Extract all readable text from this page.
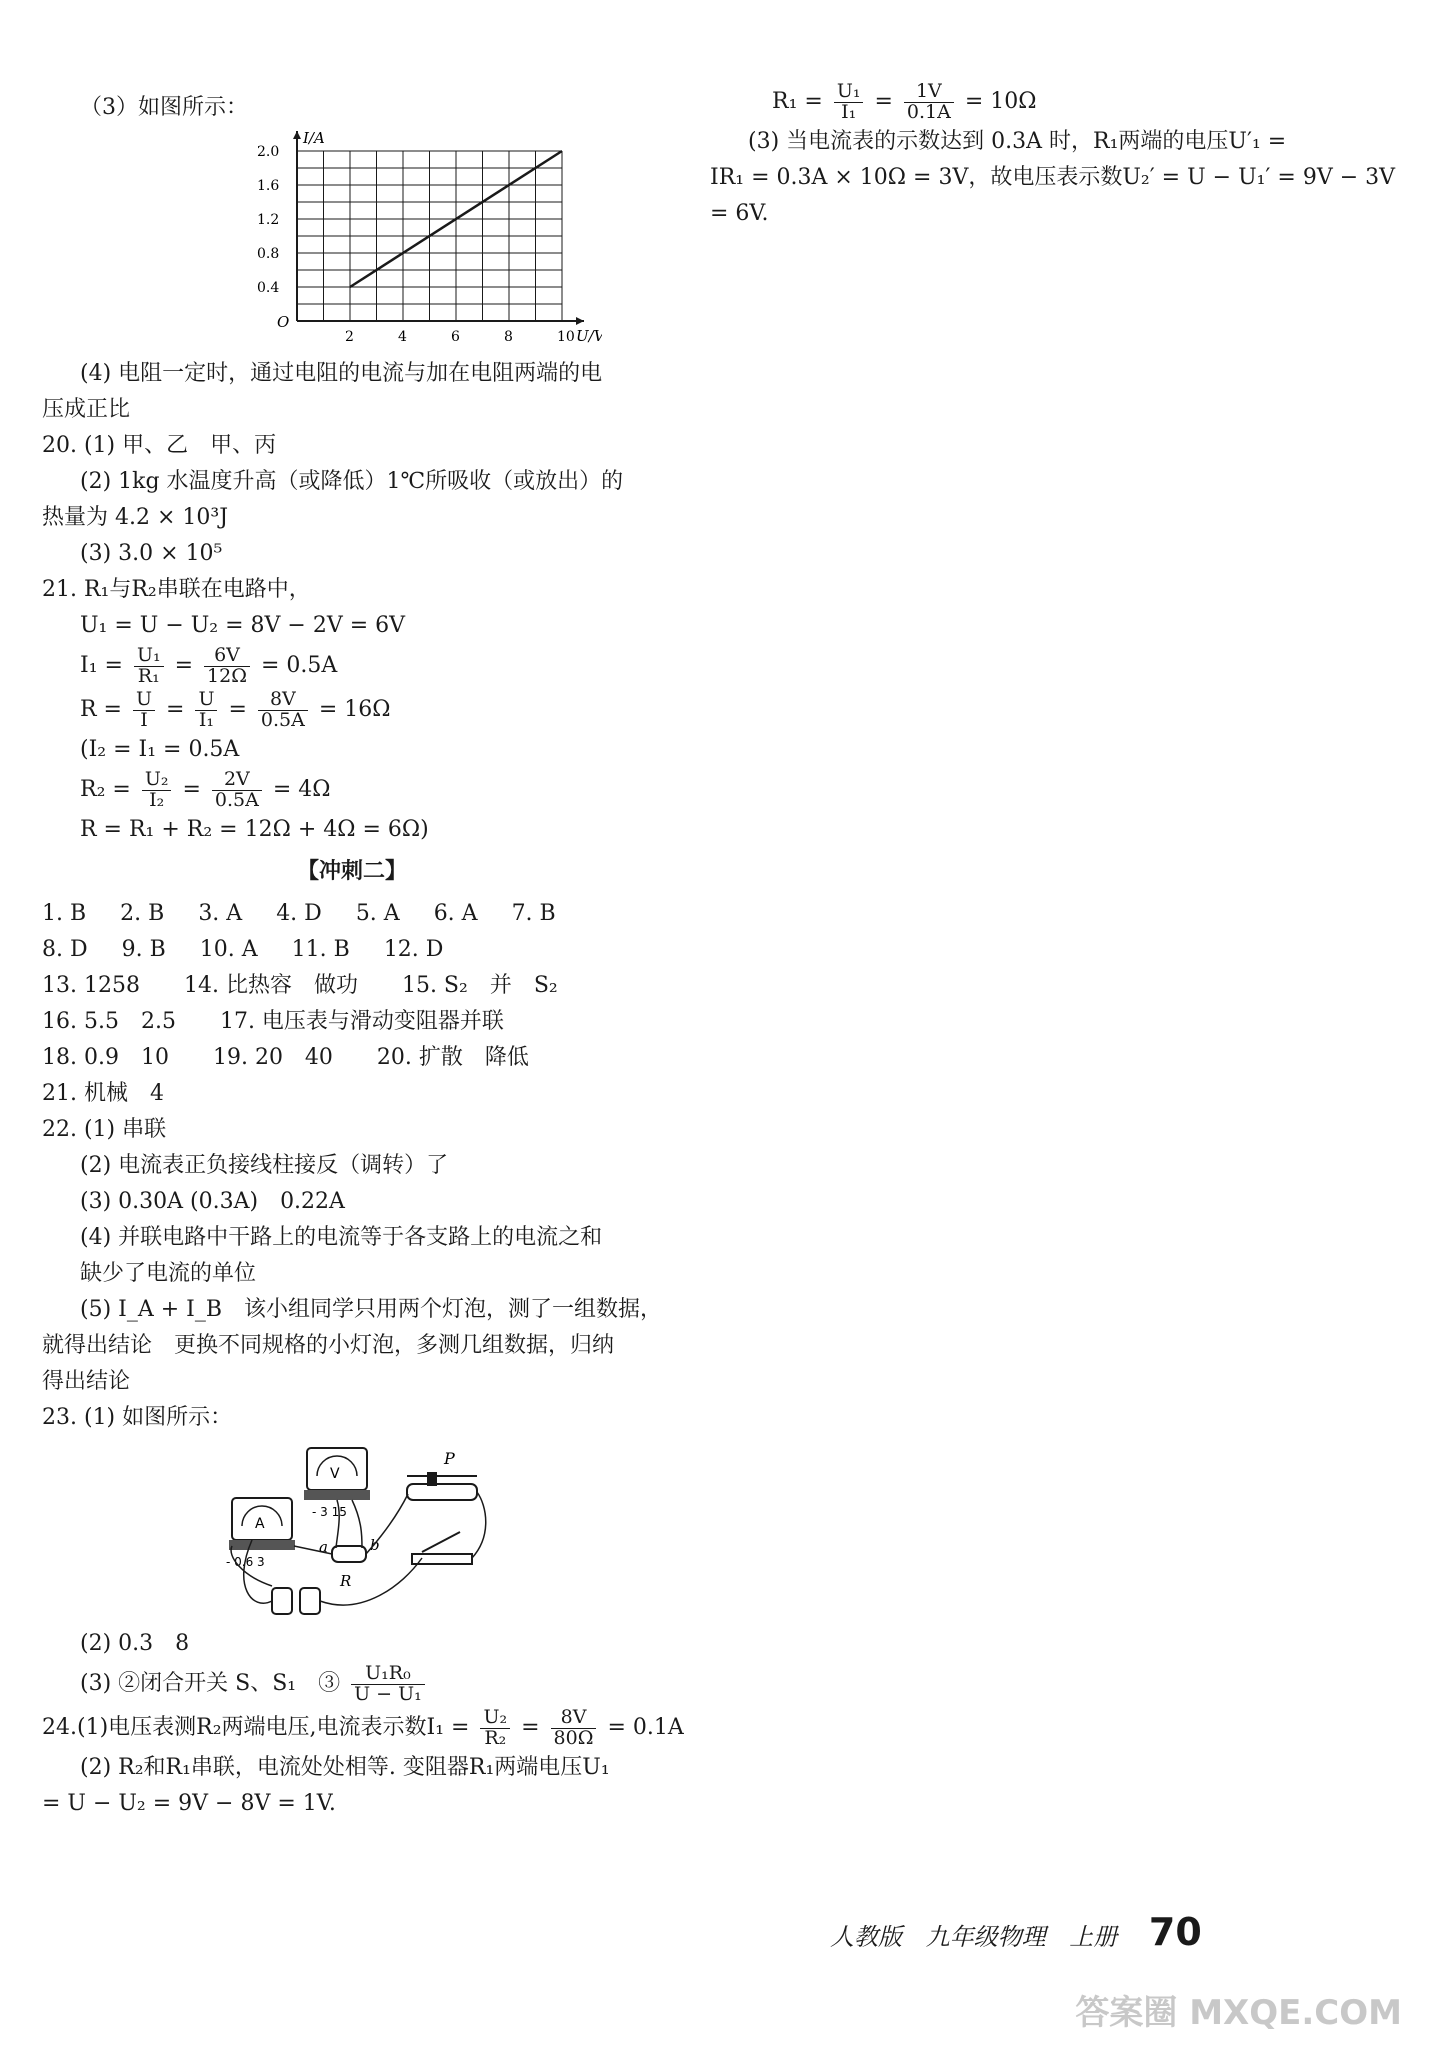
（3）如图所示：
2	4	6	8	10
0.4
0.8
1.2
1.6
2.0
O
U/V
I/A
(4) 电阻一定时，通过电阻的电流与加在电阻两端的电
压成正比
20. (1) 甲、乙　甲、丙
(2) 1kg 水温度升高（或降低）1℃所吸收（或放出）的
热量为 4.2 × 10³J
(3) 3.0 × 10⁵
21. R₁与R₂串联在电路中，
U₁ = U − U₂ = 8V − 2V = 6V
$I_1 = \frac{\text{U₁}}{\text{R₁}} = \frac{6V}{12\Omega} = 0.5A$
$R = \frac{U}{I} = \frac{U}{\text{I₁}} = \frac{8V}{0.5A} = 16\Omega$
(I₂ = I₁ = 0.5A
$R_2 = \frac{\text{U₂}}{\text{I₂}} = \frac{2V}{0.5A} = 4\Omega$
R = R₁ + R₂ = 12Ω + 4Ω = 6Ω)
【冲刺二】
1. B 2. B 3. A 4. D 5. A 6. A 7. B
8. D 9. B 10. A 11. B 12. D
13. 1258　　14. 比热容　做功　　15. S₂　并　S₂
16. 5.5　2.5　　17. 电压表与滑动变阻器并联
18. 0.9　10　　19. 20　40　　20. 扩散　降低
21. 机械　4
22. (1) 串联
(2) 电流表正负接线柱接反（调转）了
(3) 0.30A (0.3A)　0.22A
(4) 并联电路中干路上的电流等于各支路上的电流之和
缺少了电流的单位
(5) I_A + I_B　该小组同学只用两个灯泡，测了一组数据，
就得出结论　更换不同规格的小灯泡，多测几组数据，归纳
得出结论
23. (1) 如图所示：
V
- 3 15
A
- 0.6 3
P
a	b
R
(2) 0.3　8
(3) ②闭合开关 S、S₁　③ $\frac{\text{U₁R₀}}{\text{U − U₁}}$
24.(1)电压表测R₂两端电压,电流表示数$I_1 = \frac{\text{U₂}}{\text{R₂}} = \frac{8V}{80\Omega} = 0.1A$
(2) R₂和R₁串联，电流处处相等. 变阻器R₁两端电压U₁
= U − U₂ = 9V − 8V = 1V.
$R_1 = \frac{\text{U₁}}{\text{I₁}} = \frac{1V}{0.1A} = 10\Omega$
(3) 当电流表的示数达到 0.3A 时，R₁两端的电压U′₁ =
IR₁ = 0.3A × 10Ω = 3V，故电压表示数U₂′ = U − U₁′ = 9V − 3V
= 6V.
人教版 九年级物理 上册 70
答案圈 MXQE.COM
